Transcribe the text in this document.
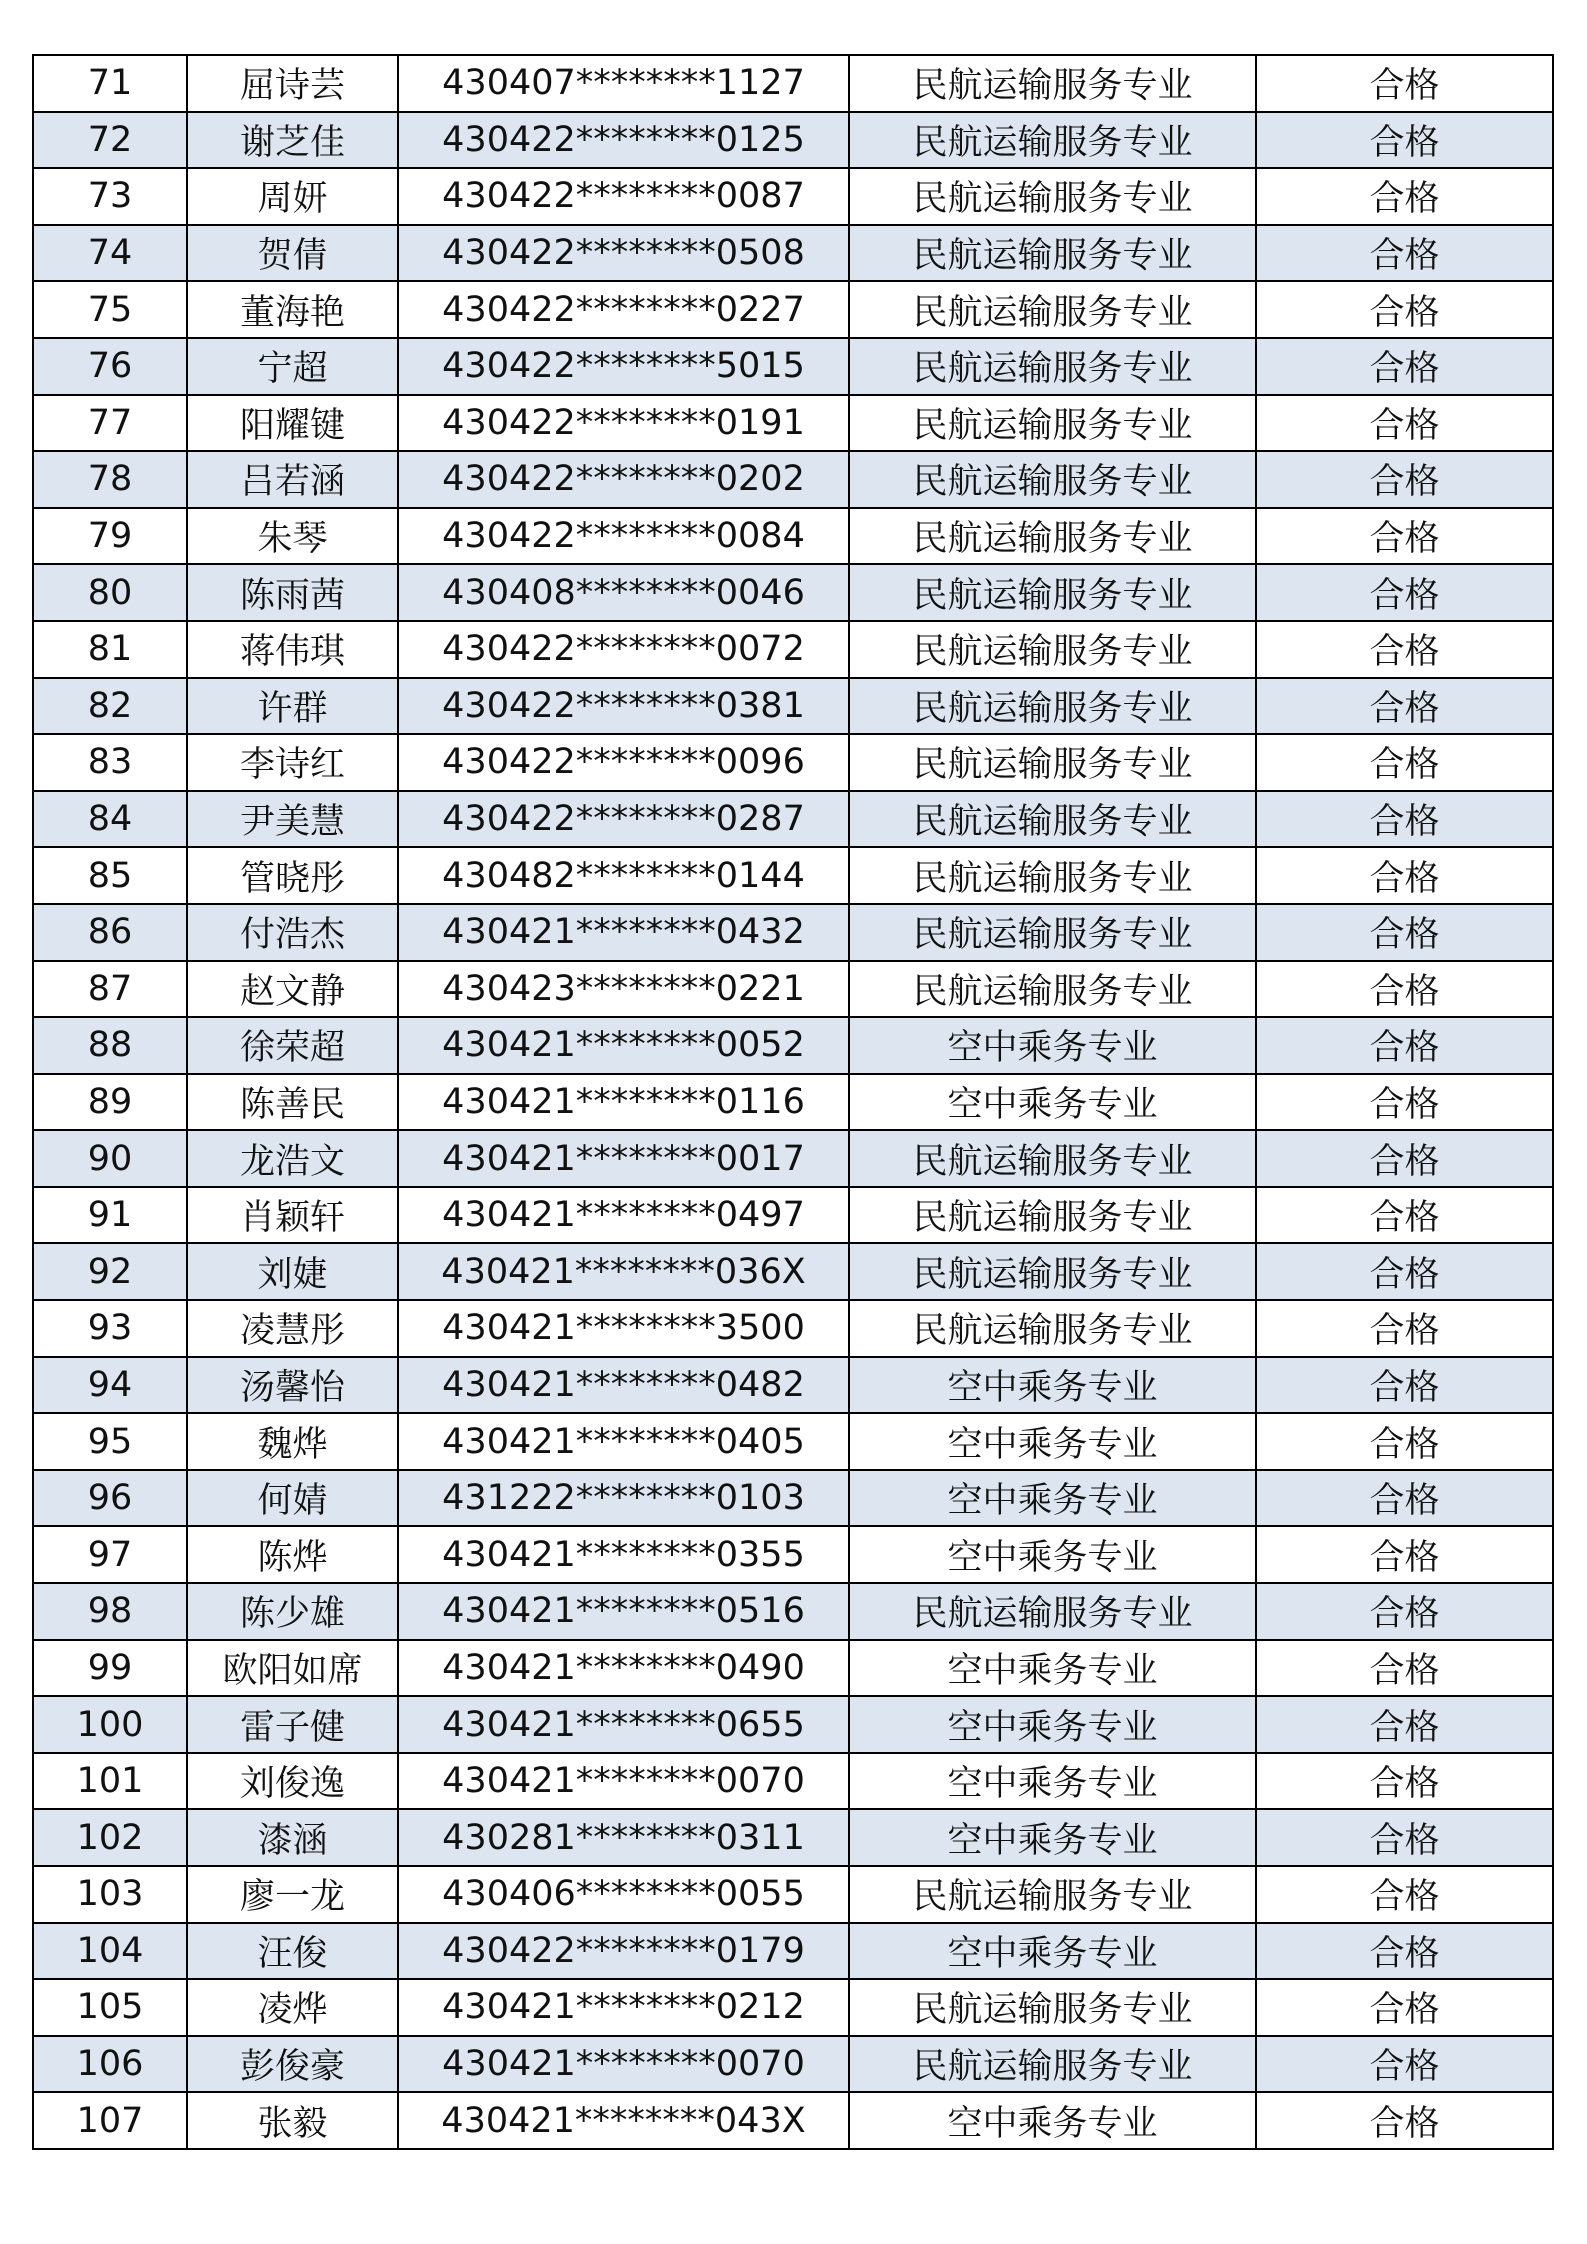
71	屈诗芸	430407********1127	民航运输服务专业	合格
72	谢芝佳	430422********0125	民航运输服务专业	合格
73	周妍	430422********0087	民航运输服务专业	合格
74	贺倩	430422********0508	民航运输服务专业	合格
75	董海艳	430422********0227	民航运输服务专业	合格
76	宁超	430422********5015	民航运输服务专业	合格
77	阳耀键	430422********0191	民航运输服务专业	合格
78	吕若涵	430422********0202	民航运输服务专业	合格
79	朱琴	430422********0084	民航运输服务专业	合格
80	陈雨茜	430408********0046	民航运输服务专业	合格
81	蒋伟琪	430422********0072	民航运输服务专业	合格
82	许群	430422********0381	民航运输服务专业	合格
83	李诗红	430422********0096	民航运输服务专业	合格
84	尹美慧	430422********0287	民航运输服务专业	合格
85	管晓彤	430482********0144	民航运输服务专业	合格
86	付浩杰	430421********0432	民航运输服务专业	合格
87	赵文静	430423********0221	民航运输服务专业	合格
88	徐荣超	430421********0052	空中乘务专业	合格
89	陈善民	430421********0116	空中乘务专业	合格
90	龙浩文	430421********0017	民航运输服务专业	合格
91	肖颖轩	430421********0497	民航运输服务专业	合格
92	刘婕	430421********036X	民航运输服务专业	合格
93	凌慧彤	430421********3500	民航运输服务专业	合格
94	汤馨怡	430421********0482	空中乘务专业	合格
95	魏烨	430421********0405	空中乘务专业	合格
96	何婧	431222********0103	空中乘务专业	合格
97	陈烨	430421********0355	空中乘务专业	合格
98	陈少雄	430421********0516	民航运输服务专业	合格
99	欧阳如席	430421********0490	空中乘务专业	合格
100	雷子健	430421********0655	空中乘务专业	合格
101	刘俊逸	430421********0070	空中乘务专业	合格
102	漆涵	430281********0311	空中乘务专业	合格
103	廖一龙	430406********0055	民航运输服务专业	合格
104	汪俊	430422********0179	空中乘务专业	合格
105	凌烨	430421********0212	民航运输服务专业	合格
106	彭俊豪	430421********0070	民航运输服务专业	合格
107	张毅	430421********043X	空中乘务专业	合格
